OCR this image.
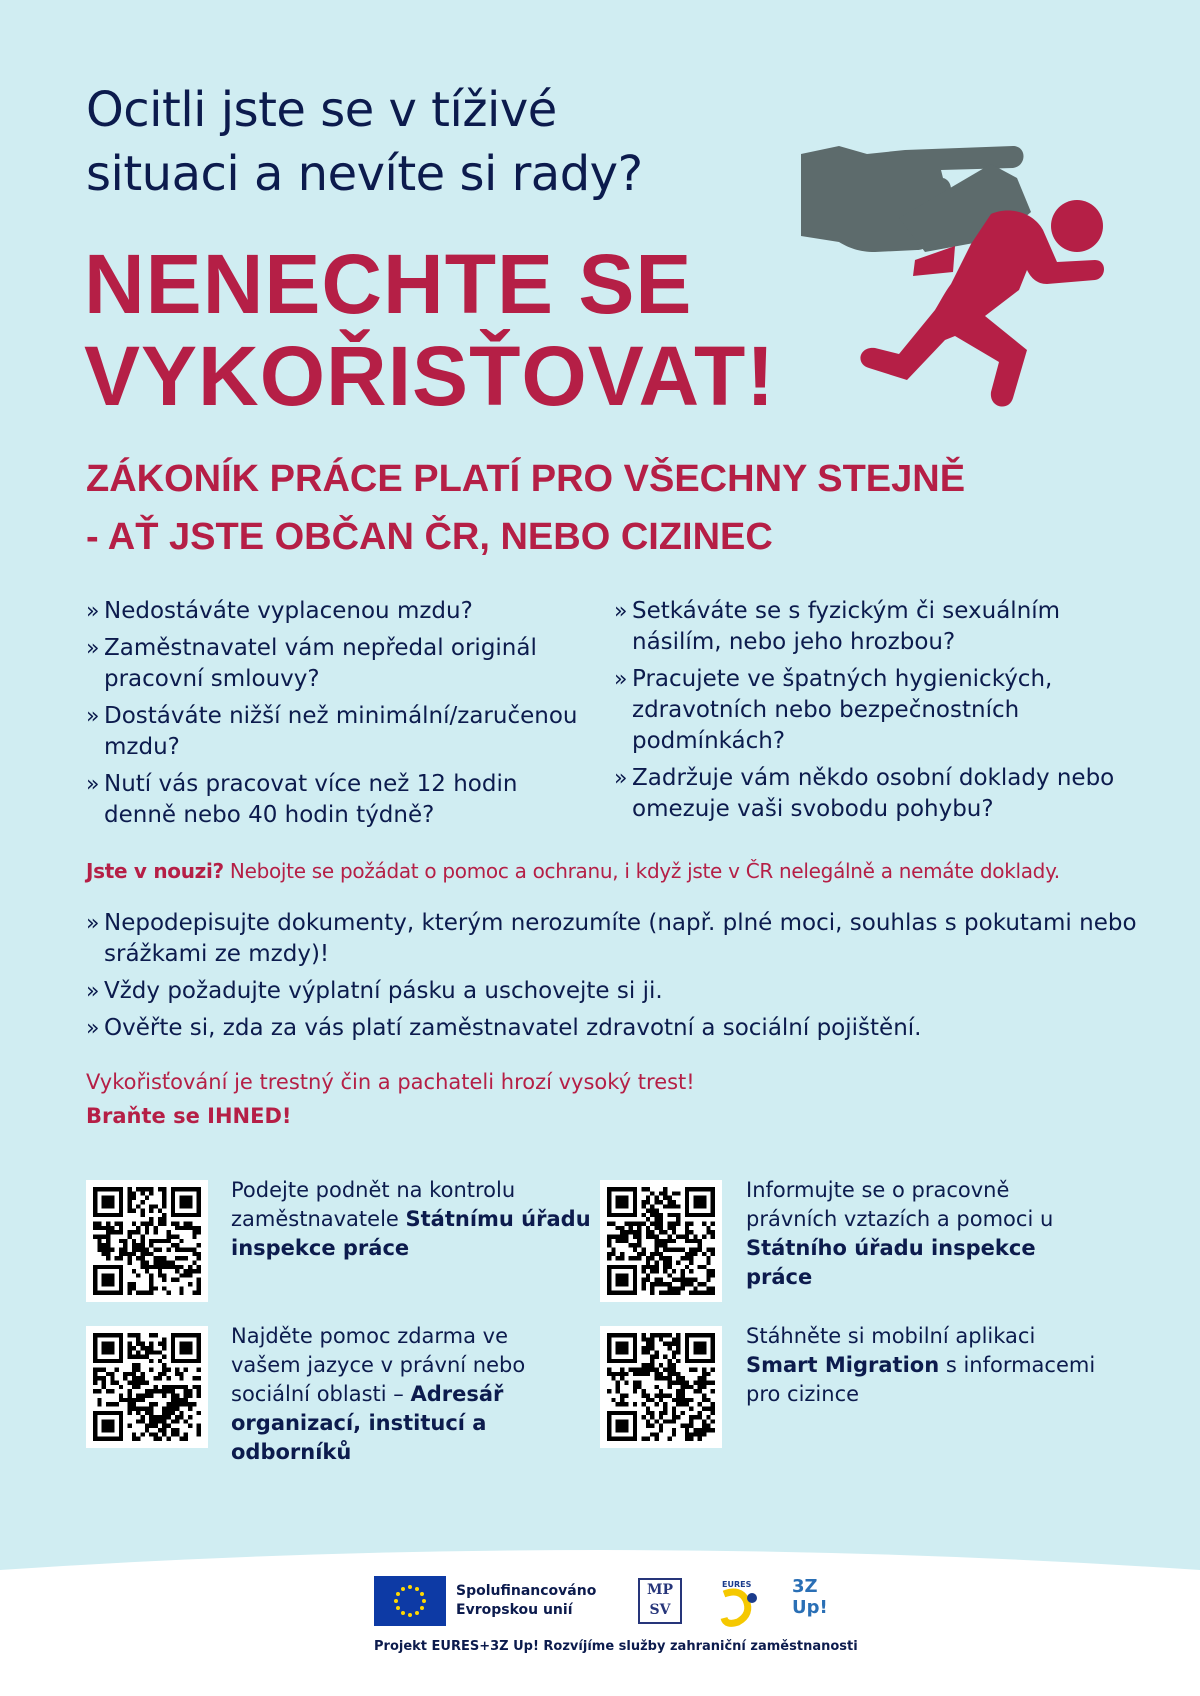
Ocitli jste se v tíživé
situaci a nevíte si rady?
NENECHTE SE
VYKOŘISŤOVAT!
ZÁKONÍK PRÁCE PLATÍ PRO VŠECHNY STEJNĚ
- AŤ JSTE OBČAN ČR, NEBO CIZINEC
» Nedostáváte vyplacenou mzdu?
» Zaměstnavatel vám nepředal originál pracovní smlouvy?
» Dostáváte nižší než minimální/zaručenou mzdu?
» Nutí vás pracovat více než 12 hodin denně nebo 40 hodin týdně?
» Setkáváte se s fyzickým či sexuálním násilím, nebo jeho hrozbou?
» Pracujete ve špatných hygienických, zdravotních nebo bezpečnostních podmínkách?
» Zadržuje vám někdo osobní doklady nebo omezuje vaši svobodu pohybu?

Jste v nouzi? Nebojte se požádat o pomoc a ochranu, i když jste v ČR nelegálně a nemáte doklady.

» Nepodepisujte dokumenty, kterým nerozumíte (např. plné moci, souhlas s pokutami nebo srážkami ze mzdy)!
» Vždy požadujte výplatní pásku a uschovejte si ji.
» Ověřte si, zda za vás platí zaměstnavatel zdravotní a sociální pojištění.

Vykořisťování je trestný čin a pachateli hrozí vysoký trest!

Braňte se IHNED!

Podejte podnět na kontrolu zaměstnavatele Státnímu úřadu inspekce práce

Informujte se o pracovně právních vztazích a pomoci u Státního úřadu inspekce práce

Najděte pomoc zdarma ve vašem jazyce v právní nebo sociální oblasti – Adresář organizací, institucí a odborníků

Stáhněte si mobilní aplikaci Smart Migration s informacemi pro cizince

Spolufinancováno
Evropskou unií

MP
SV
EURES 3Z
Up!

Projekt EURES+3Z Up! Rozvíjíme služby zahraniční zaměstnanosti
